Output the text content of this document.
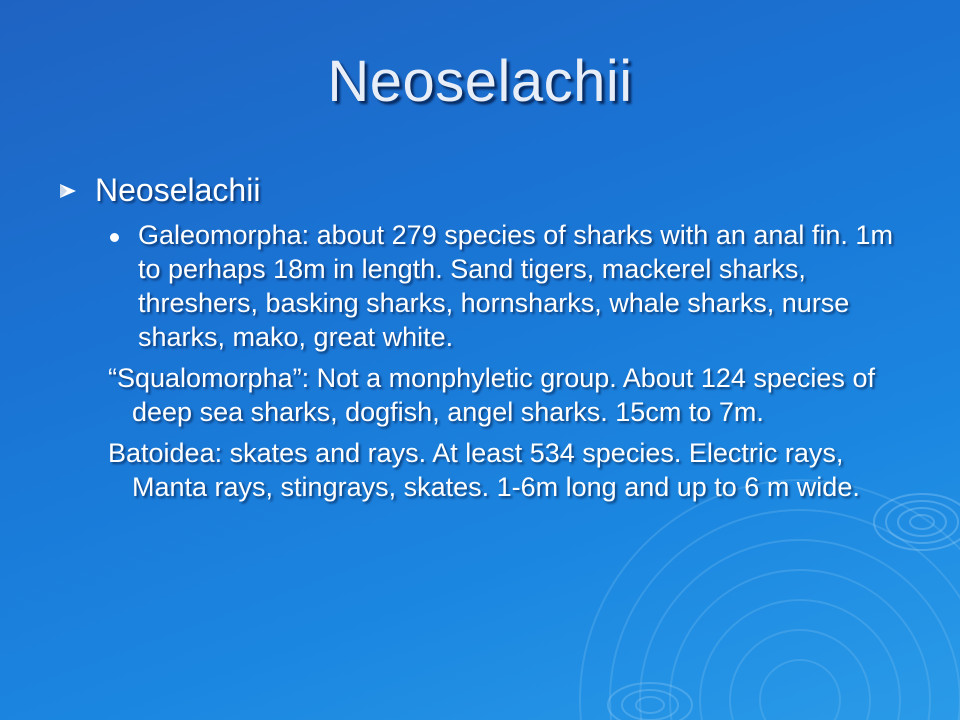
Neoselachii
Neoselachii
Galeomorpha: about 279 species of sharks with an anal fin. 1m to perhaps 18m in length. Sand tigers, mackerel sharks, threshers, basking sharks, hornsharks, whale sharks, nurse sharks, mako, great white.
“Squalomorpha”: Not a monphyletic group. About 124 species of deep sea sharks, dogfish, angel sharks. 15cm to 7m.
Batoidea: skates and rays. At least 534 species. Electric rays, Manta rays, stingrays, skates. 1-6m long and up to 6 m wide.
